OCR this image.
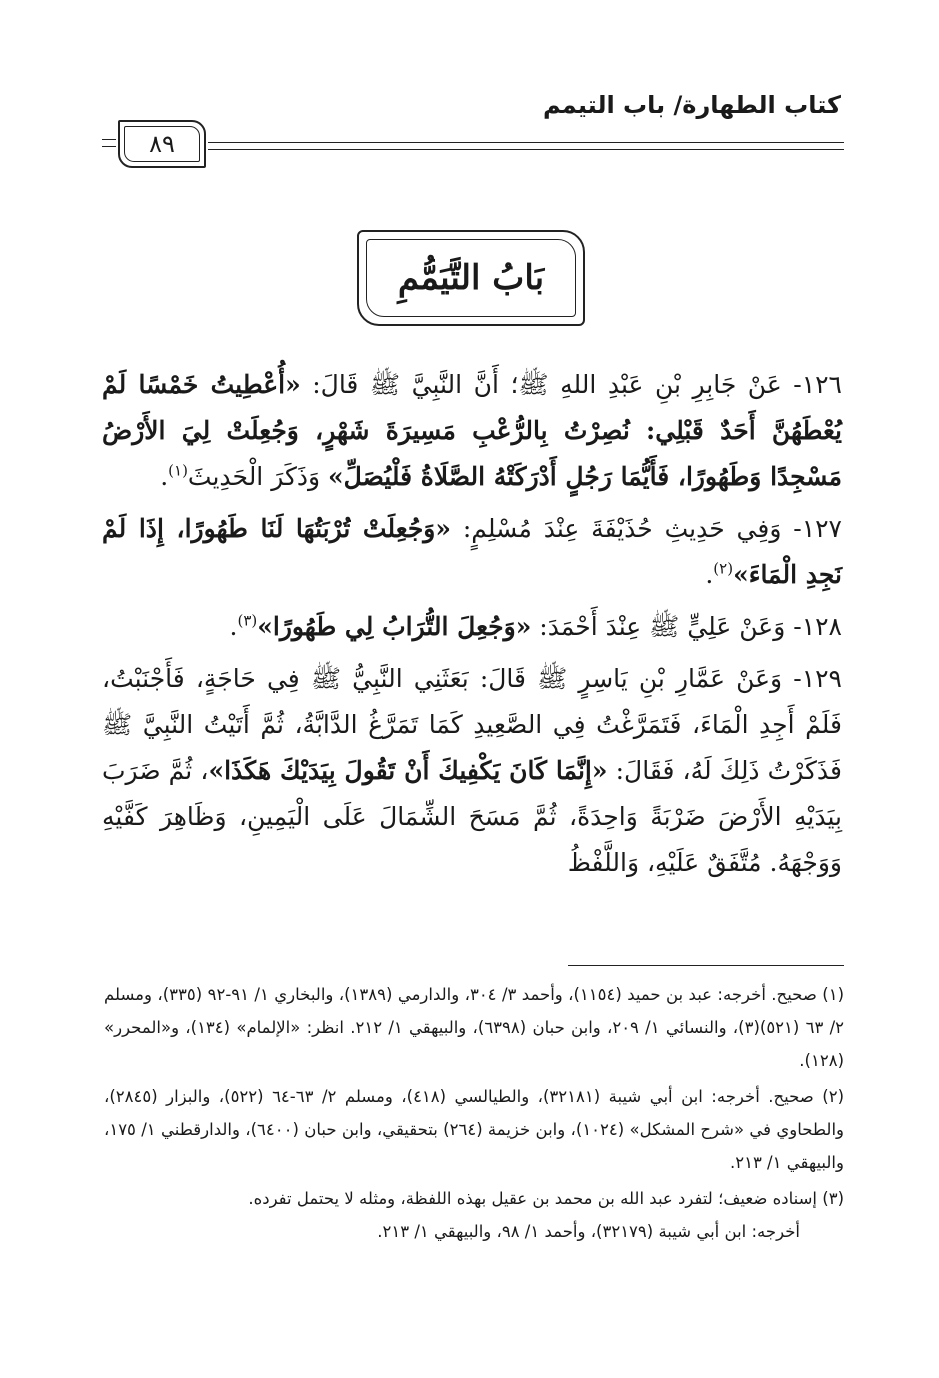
كتاب الطهارة/ باب التيمم
٨٩
بَابُ التَّيَمُّمِ

١٢٦- عَنْ جَابِرِ بْنِ عَبْدِ اللهِ ﷺ؛ أَنَّ النَّبِيَّ ﷺ قَالَ: «أُعْطِيتُ خَمْسًا لَمْ يُعْطَهُنَّ أَحَدٌ قَبْلِي: نُصِرْتُ بِالرُّعْبِ مَسِيرَةَ شَهْرٍ، وَجُعِلَتْ لِيَ الأَرْضُ مَسْجِدًا وَطَهُورًا، فَأَيُّمَا رَجُلٍ أَدْرَكَتْهُ الصَّلَاةُ فَلْيُصَلِّ» وَذَكَرَ الْحَدِيثَ$^{(١)}$.

١٢٧- وَفِي حَدِيثِ حُذَيْفَةَ عِنْدَ مُسْلِمٍ: «وَجُعِلَتْ تُرْبَتُهَا لَنَا طَهُورًا، إِذَا لَمْ نَجِدِ الْمَاءَ»$^{(٢)}$.

١٢٨- وَعَنْ عَلِيٍّ ﷺ عِنْدَ أَحْمَدَ: «وَجُعِلَ التُّرَابُ لِي طَهُورًا»$^{(٣)}$.

١٢٩- وَعَنْ عَمَّارِ بْنِ يَاسِرٍ ﷺ قَالَ: بَعَثَنِي النَّبِيُّ ﷺ فِي حَاجَةٍ، فَأَجْنَبْتُ، فَلَمْ أَجِدِ الْمَاءَ، فَتَمَرَّغْتُ فِي الصَّعِيدِ كَمَا تَمَرَّغُ الدَّابَّةُ، ثُمَّ أَتَيْتُ النَّبِيَّ ﷺ فَذَكَرْتُ ذَلِكَ لَهُ، فَقَالَ: «إِنَّمَا كَانَ يَكْفِيكَ أَنْ تَقُولَ بِيَدَيْكَ هَكَذَا»، ثُمَّ ضَرَبَ بِيَدَيْهِ الأَرْضَ ضَرْبَةً وَاحِدَةً، ثُمَّ مَسَحَ الشِّمَالَ عَلَى الْيَمِينِ، وَظَاهِرَ كَفَّيْهِ وَوَجْهَهُ. مُتَّفَقٌ عَلَيْهِ، وَاللَّفْظُ

(١) صحيح. أخرجه: عبد بن حميد (١١٥٤)، وأحمد ٣/ ٣٠٤، والدارمي (١٣٨٩)، والبخاري ١/ ٩١-٩٢ (٣٣٥)، ومسلم ٢/ ٦٣ (٥٢١)(٣)، والنسائي ١/ ٢٠٩، وابن حبان (٦٣٩٨)، والبيهقي ١/ ٢١٢. انظر: «الإلمام» (١٣٤)، و«المحرر» (١٢٨).

(٢) صحيح. أخرجه: ابن أبي شيبة (٣٢١٨١)، والطيالسي (٤١٨)، ومسلم ٢/ ٦٣-٦٤ (٥٢٢)، والبزار (٢٨٤٥)، والطحاوي في «شرح المشكل» (١٠٢٤)، وابن خزيمة (٢٦٤) بتحقيقي، وابن حبان (٦٤٠٠)، والدارقطني ١/ ١٧٥، والبيهقي ١/ ٢١٣.

(٣) إسناده ضعيف؛ لتفرد عبد الله بن محمد بن عقيل بهذه اللفظة، ومثله لا يحتمل تفرده.
أخرجه: ابن أبي شيبة (٣٢١٧٩)، وأحمد ١/ ٩٨، والبيهقي ١/ ٢١٣.
